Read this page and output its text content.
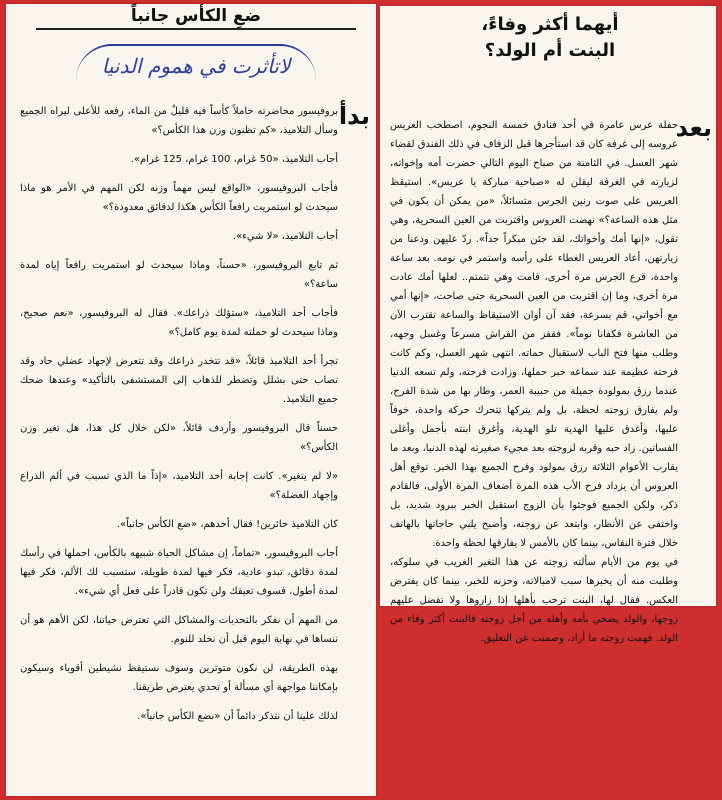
ضعِ الكأس جانباً
لاتأثرت في هموم الدنيا
بدأ

بروفيسور محاضرته حاملاً كأساً فيه قليلٌ من الماء، رفعه للأعلى ليراه الجميع وسأل التلاميذ، «كم تظنون وزن هذا الكأس؟»

أجاب التلاميذ، «50 غرام، 100 غرام، 125 غرام».

فأجاب البروفيسور، «الواقع ليس مهماً وزنه لكن المهم في الأمر هو ماذا سيحدث لو استمريت رافعاً الكأس هكذا لدقائق معدودة؟»

أجاب التلاميذ، «لا شيء».

ثم تابع البروفيسور، «حسناً، وماذا سيحدث لو استمريت رافعاً إياه لمدة ساعة؟»

فأجاب أحد التلاميذ، «ستؤلك ذراعك». فقال له البروفيسور، «نعم صحيح، وماذا سيحدث لو حملته لمدة يوم كامل؟»

تجرأ أحد التلاميذ قائلاً، «قد تتخدر ذراعك وقد تتعرض لإجهاد عضلي حاد وقد تصاب حتى بشلل وتضطر للذهاب إلى المستشفى بالتأكيد» وعندها ضحك جميع التلاميذ.

حسناً قال البروفيسور وأردف قائلاً، «لكن خلال كل هذا، هل تغير وزن الكأس؟»

«لا لم يتغير». كانت إجابة أحد التلاميذ، «إذاً ما الذي تسبب في ألم الذراع وإجهاد العضلة؟»

كان التلاميذ حائرين! فقال أحدهم، «ضع الكأس جانباً».

أجاب البروفيسور، «تماماً، إن مشاكل الحياة شبيهه بالكأس، احملها في رأسك لمدة دقائق، تبدو عادية، فكر فيها لمدة طويلة، ستسبب لك الألم، فكر فيها لمدة أطول، فسوف تعيقك ولن تكون قادراً على فعل أي شيء».

من المهم أن نفكر بالتحديات والمشاكل التي تعترض حياتنا، لكن الأهم هو أن ننساها في نهاية اليوم قبل أن نخلد للنوم.

بهذه الطريقة، لن نكون متوترين وسوف نستيقظ نشيطين أقوياء وسيكون بإمكاننا مواجهة أي مسألة أو تحدي يعترض طريقنا.

لذلك علينا أن نتذكر دائماً أن «نضع الكأس جانباً».

أيهما أكثر وفاءً،
البنت أم الولد؟
بعد

حفلة عرس عامرة في أحد فنادق خمسة النجوم، اصطحب العريس عروسه إلى غرفة كان قد استأجرها قبل الزفاف في ذلك الفندق لقضاء شهر العسل. في الثامنة من صباح اليوم التالي حضرت أمه وإخواته، لزيارته في الغرفة ليقلن له «صباحية مباركة يا عريس». استيقظ العريس على صوت رنين الجرس متسائلاً، «من يمكن أن يكون في مثل هذه الساعة؟» نهضت العروس واقتربت من العين السحرية، وهي تقول، «إنها أمك وأخواتك، لقد جئن مبكراً جداً». ردّ عليهن ودعنا من زيارتهن، أعاد العريس الغطاء على رأسه واستمر في نومه. بعد ساعة واحدة، قرع الجرس مرة أخرى، قامت وهي تتمتم.. لعلها أمك عادت مرة أخرى، وما إن اقتربت من العين السحرية حتى صاحت، «إنها أمي مع أخواتي، قم بسرعة، فقد آن أوان الاستيقاظ والساعة تقترب الآن من العاشرة فكفانا نوماً». فقفز من الفراش مسرعاً وغسل وجهه، وطلب منها فتح الباب لاستقبال حماته. انتهى شهر العسل، وكم كانت فرحته عظيمة عند سماعه خبر حملها، وزادت فرحته، ولم تسعه الدنيا عندما رزق بمولودة جميلة من حبيبة العمر، وطار بها من شدة الفرح، ولم يفارق زوجته لحظة، بل ولم يتركها تتحرك حركة واحدة، خوفاً عليها، وأغدق عليها الهدية تلو الهدية، وأغرق ابنته بأجمل وأغلى الفساتين. زاد حبه وقربه لزوجته بعد مجيء صغيرته لهذه الدنيا، وبعد ما يقارب الأعوام الثلاثة رزق بمولود وفرح الجميع بهذا الخبر. توقع أهل العروس أن يزداد فرح الأب هذه المرة أضعاف المرة الأولى، فالقادم ذكر، ولكن الجميع فوجئوا بأن الزوج استقبل الخبر ببرود شديد، بل واختفى عن الأنظار، وابتعد عن زوجته، وأصبح يلبي حاجاتها بالهاتف خلال فترة النفاس، بينما كان بالأمس لا يفارقها لحظة واحدة.

في يوم من الأيام سألته زوجته عن هذا التغير الغريب في سلوكه، وطلبت منه أن يخبرها سبب لامبالاته، وحزنه للخبر، بينما كان يفترض العكس. فقال لها، البنت ترحب بأهلها إذا زاروها ولا تفضل عليهم زوجها، والولد يضحي بأمه وأهله من أجل زوجته فالبنت أكثر وفاء من الولد. فهمت زوجته ما أراد، وصمتت عن التعليق.
